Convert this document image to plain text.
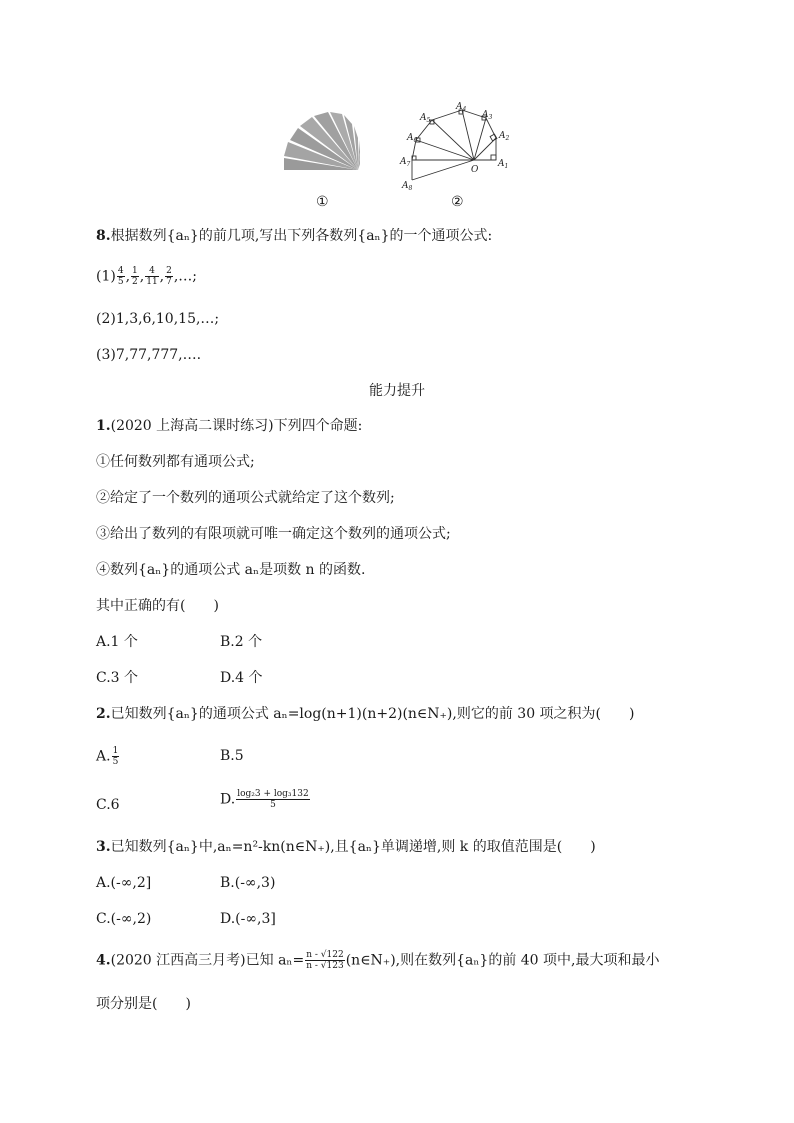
$A_1$
$A_2$
$A_3$
$A_4$
$A_5$
$A_6$
$A_7$
$A_8$
O
①	②
8.根据数列{aₙ}的前几项,写出下列各数列{aₙ}的一个通项公式:
$(1) \frac{4}{5}$ , $\frac{1}{2}$ , $\frac{4}{11}$ , $\frac{2}{7}$ ,…;
(2)1,3,6,10,15,…;
(3)7,77,777,….
能力提升
1.(2020 上海高二课时练习)下列四个命题:
①任何数列都有通项公式;
②给定了一个数列的通项公式就给定了这个数列;
③给出了数列的有限项就可唯一确定这个数列的通项公式;
④数列{aₙ}的通项公式 aₙ是项数 n 的函数.
其中正确的有(　　)
A.1 个	B.2 个
C.3 个	D.4 个
2.已知数列{aₙ}的通项公式 aₙ=log(n+1)(n+2)(n∈N₊),则它的前 30 项之积为(　　)
A. $\frac{1}{5}$	B.5
C.6	D. $\frac{\text{log₂3 + log₃132}}{5}$
3.已知数列{aₙ}中,aₙ=n²-kn(n∈N₊),且{aₙ}单调递增,则 k 的取值范围是(　　)
A.(-∞,2]	B.(-∞,3)
C.(-∞,2)	D.(-∞,3]
4.(2020 江西高三月考)已知 $a_n= \frac{n - √122}{n - √123}$ (n∈N₊),则在数列{aₙ}的前 40 项中,最大项和最小
项分别是(　　)
